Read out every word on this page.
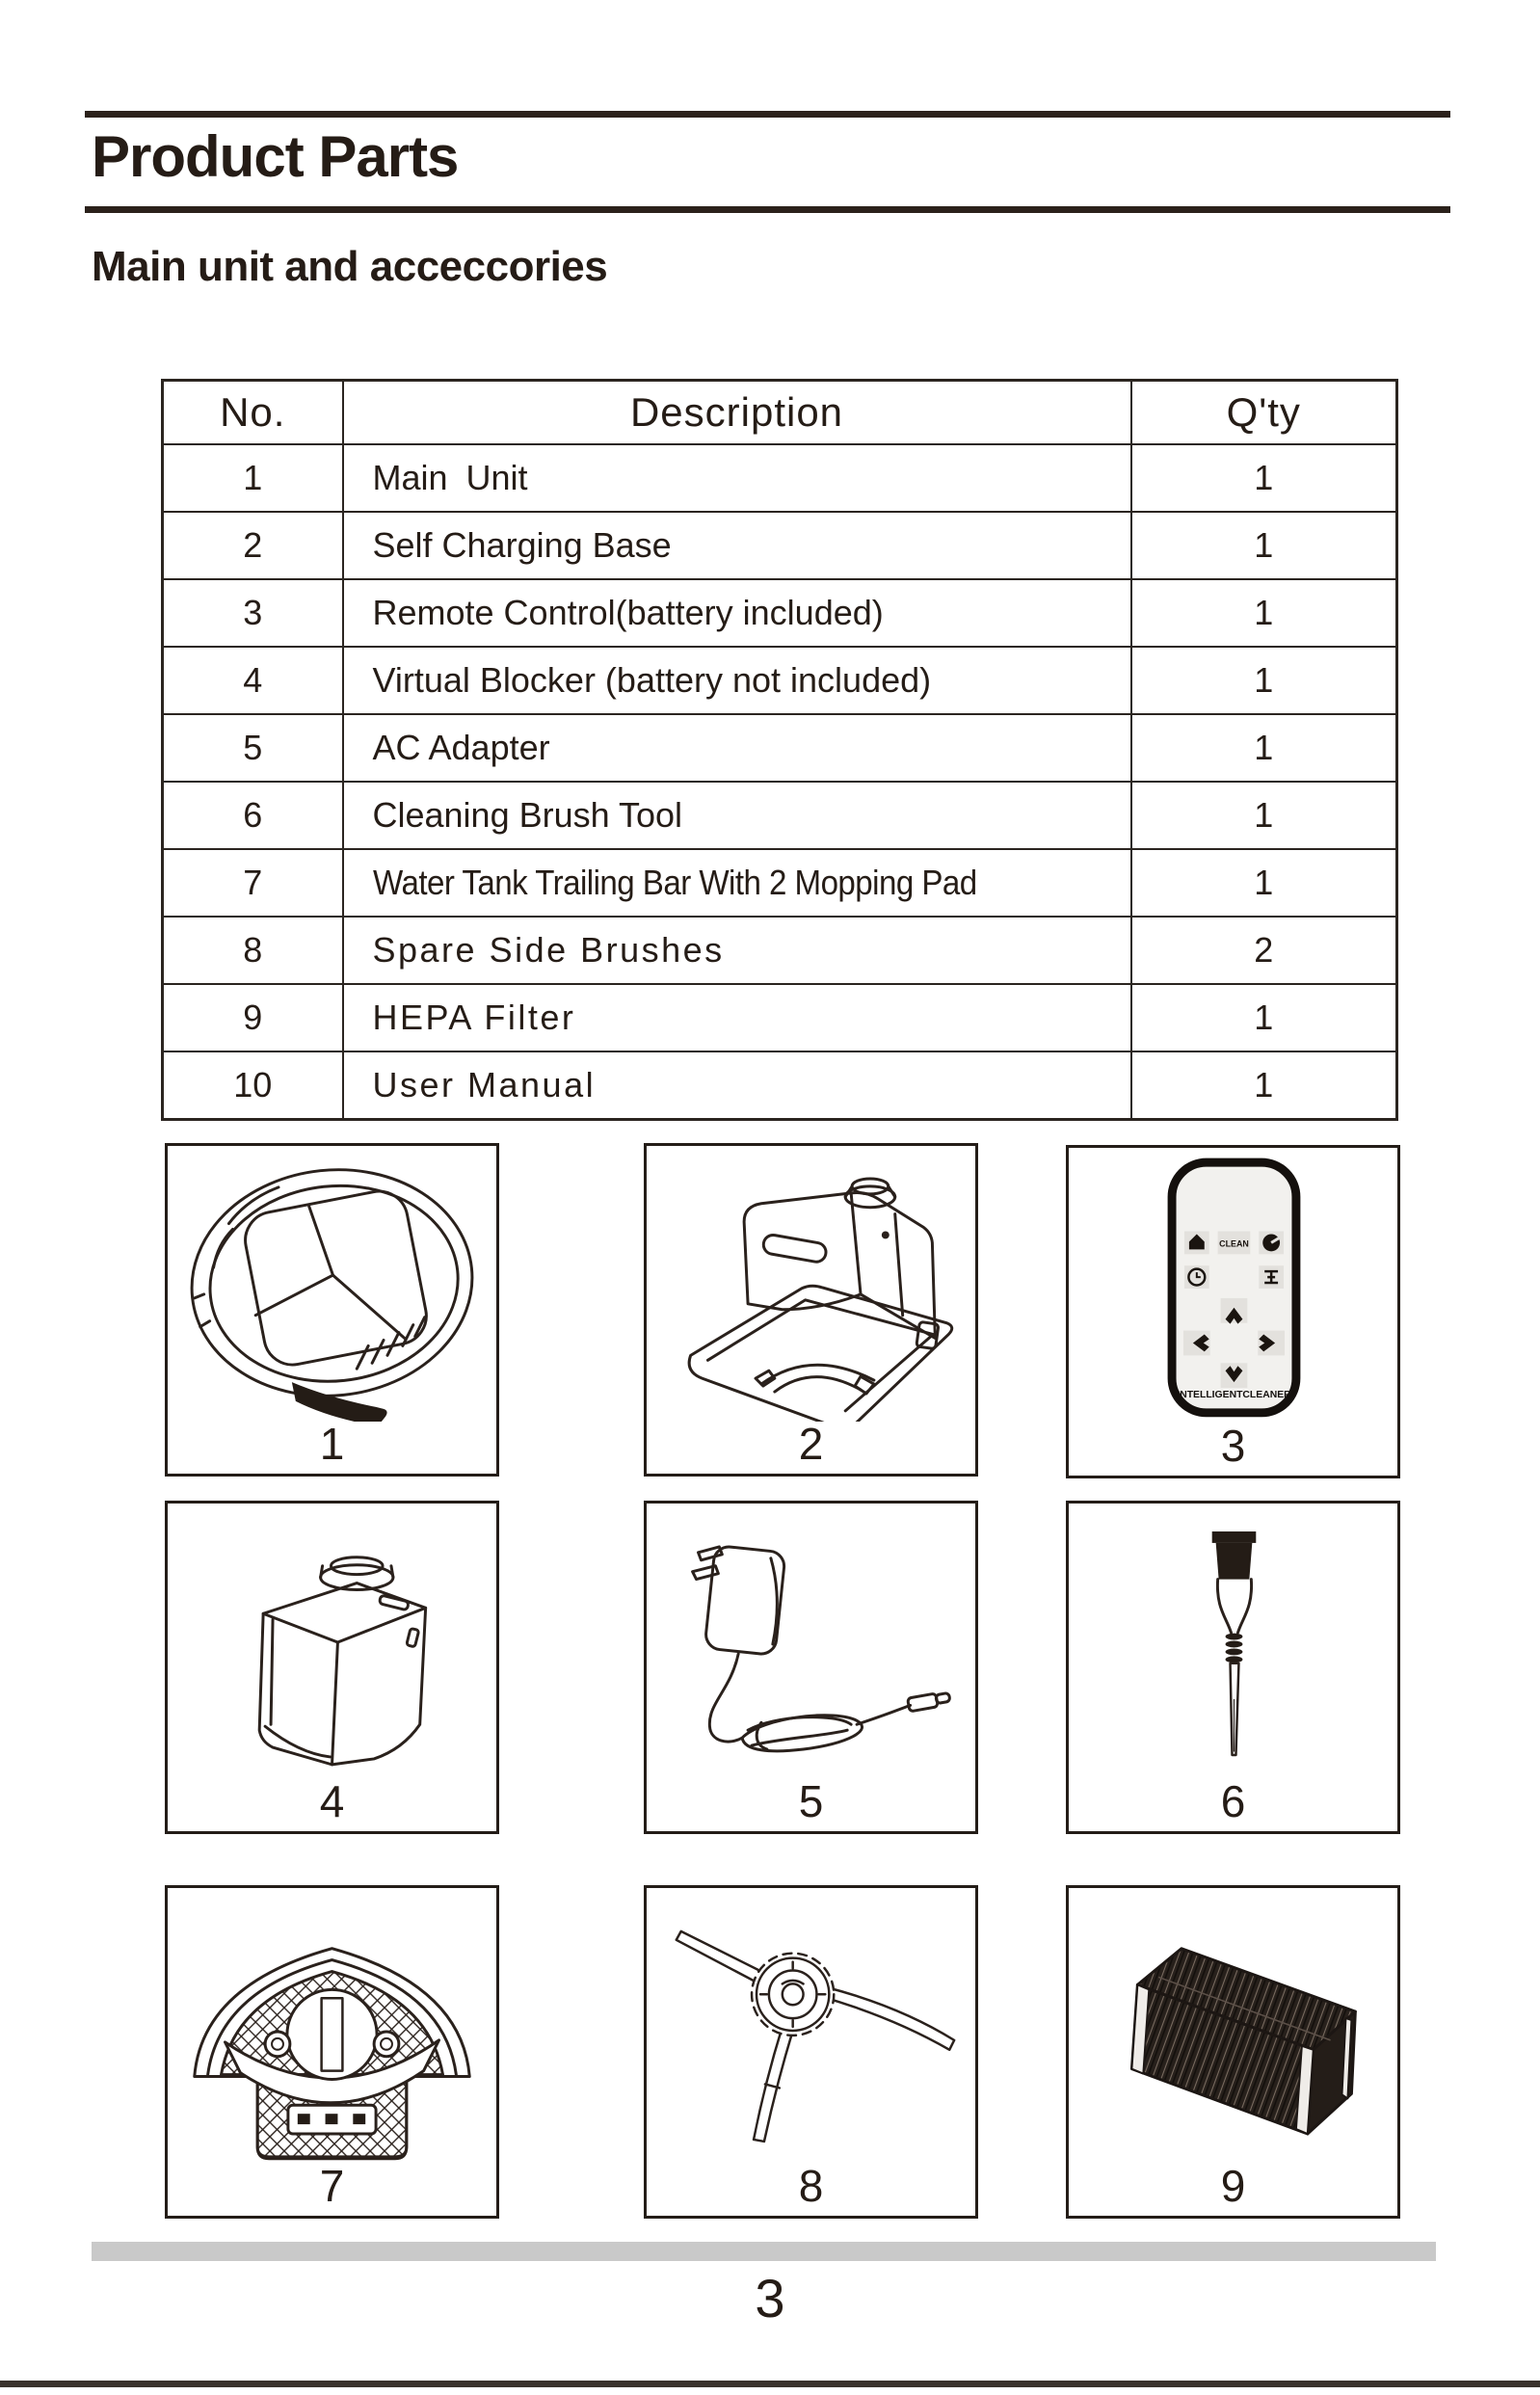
Product Parts
Main unit and acceccories
No.	Description	Q'ty
1	Main Unit	1
2	Self Charging Base	1
3	Remote Control(battery included)	1
4	Virtual Blocker (battery not included)	1
5	AC Adapter	1
6	Cleaning Brush Tool	1
7	Water Tank Trailing Bar With 2 Mopping Pad	1
8	Spare Side Brushes	2
9	HEPA Filter	1
10	User Manual	1
1	2
CLEAN
INTELLIGENTCLEANER
3
4	5	6
7	8	9
3
